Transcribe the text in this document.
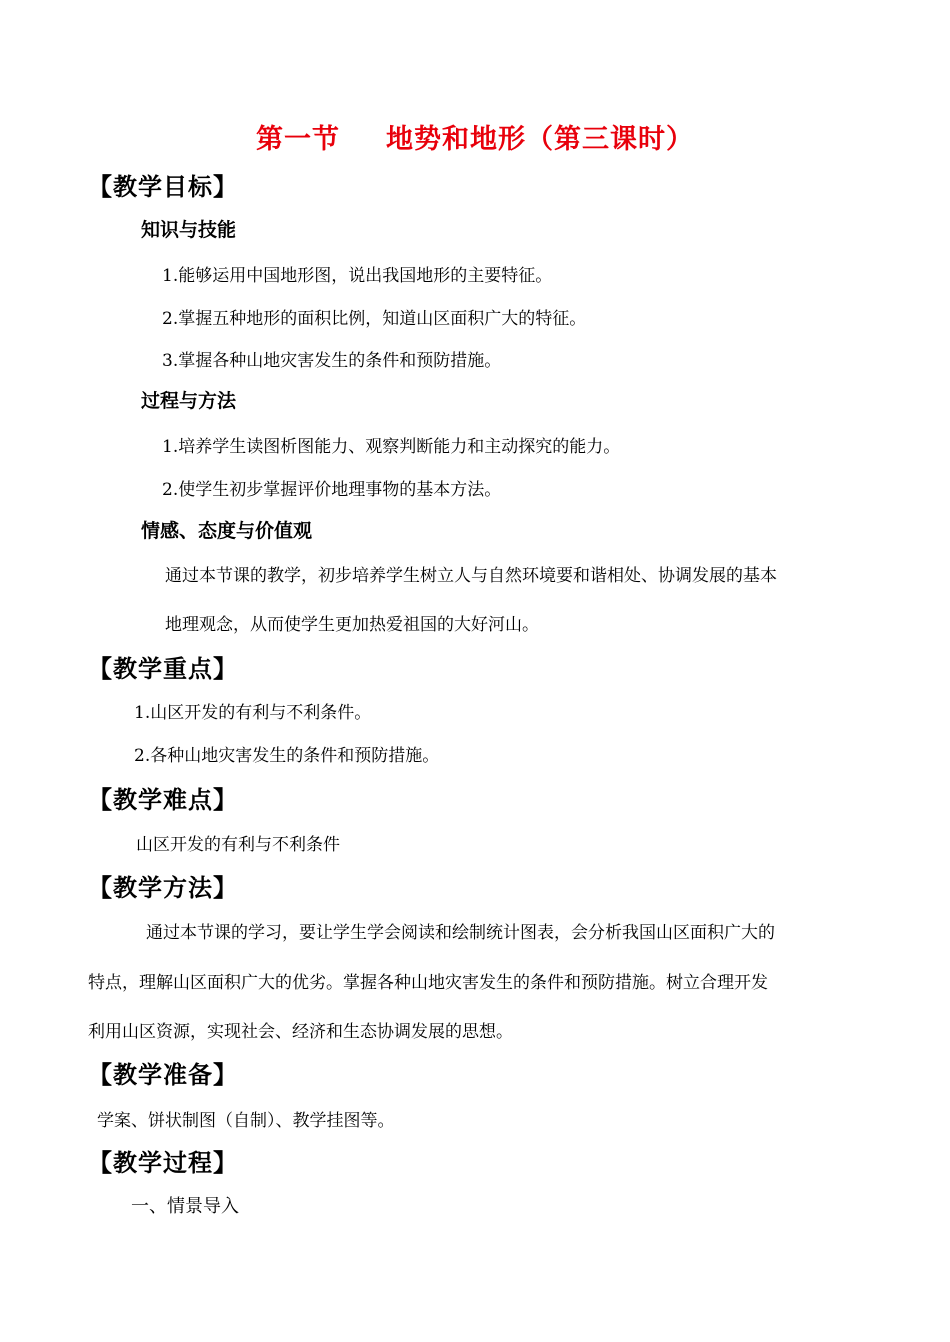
第一节 地势和地形（第三课时）
【教学目标】
知识与技能
1.能够运用中国地形图，说出我国地形的主要特征。
2.掌握五种地形的面积比例，知道山区面积广大的特征。
3.掌握各种山地灾害发生的条件和预防措施。
过程与方法
1.培养学生读图析图能力、观察判断能力和主动探究的能力。
2.使学生初步掌握评价地理事物的基本方法。
情感、态度与价值观
通过本节课的教学，初步培养学生树立人与自然环境要和谐相处、协调发展的基本
地理观念，从而使学生更加热爱祖国的大好河山。
【教学重点】
1.山区开发的有利与不利条件。
2.各种山地灾害发生的条件和预防措施。
【教学难点】
山区开发的有利与不利条件
【教学方法】
通过本节课的学习，要让学生学会阅读和绘制统计图表，会分析我国山区面积广大的
特点，理解山区面积广大的优劣。掌握各种山地灾害发生的条件和预防措施。树立合理开发
利用山区资源，实现社会、经济和生态协调发展的思想。
【教学准备】
学案、饼状制图（自制）、教学挂图等。
【教学过程】
一、情景导入
